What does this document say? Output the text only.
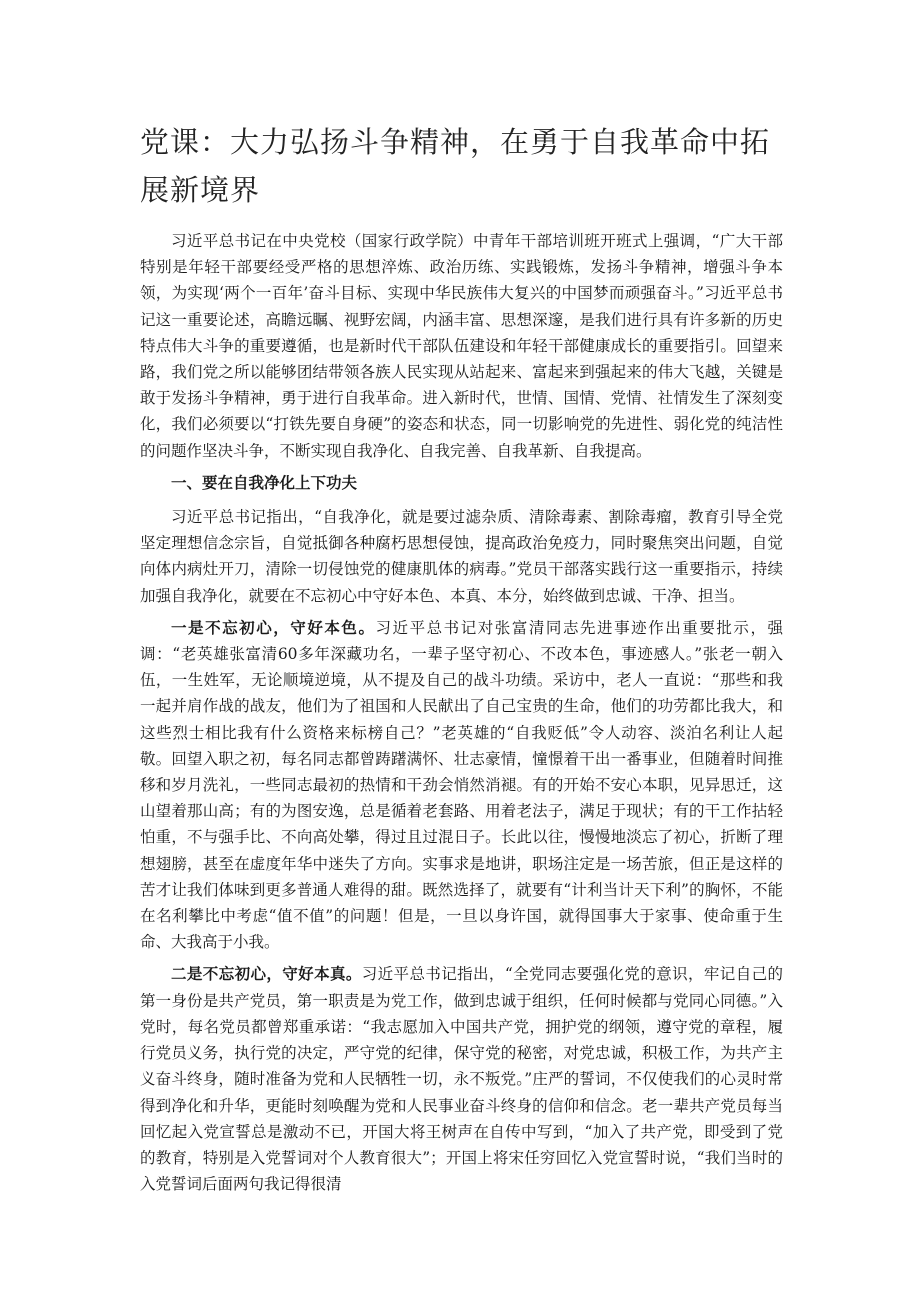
党课：大力弘扬斗争精神，在勇于自我革命中拓展新境界

习近平总书记在中央党校（国家行政学院）中青年干部培训班开班式上强调，“广大干部特别是年轻干部要经受严格的思想淬炼、政治历练、实践锻炼，发扬斗争精神，增强斗争本领，为实现‘两个一百年’奋斗目标、实现中华民族伟大复兴的中国梦而顽强奋斗。”习近平总书记这一重要论述，高瞻远瞩、视野宏阔，内涵丰富、思想深邃，是我们进行具有许多新的历史特点伟大斗争的重要遵循，也是新时代干部队伍建设和年轻干部健康成长的重要指引。回望来路，我们党之所以能够团结带领各族人民实现从站起来、富起来到强起来的伟大飞越，关键是敢于发扬斗争精神，勇于进行自我革命。进入新时代，世情、国情、党情、社情发生了深刻变化，我们必须要以“打铁先要自身硬”的姿态和状态，同一切影响党的先进性、弱化党的纯洁性的问题作坚决斗争，不断实现自我净化、自我完善、自我革新、自我提高。

一、要在自我净化上下功夫

习近平总书记指出，“自我净化，就是要过滤杂质、清除毒素、割除毒瘤，教育引导全党坚定理想信念宗旨，自觉抵御各种腐朽思想侵蚀，提高政治免疫力，同时聚焦突出问题，自觉向体内病灶开刀，清除一切侵蚀党的健康肌体的病毒。”党员干部落实践行这一重要指示，持续加强自我净化，就要在不忘初心中守好本色、本真、本分，始终做到忠诚、干净、担当。

一是不忘初心，守好本色。习近平总书记对张富清同志先进事迹作出重要批示，强调：“老英雄张富清60多年深藏功名，一辈子坚守初心、不改本色，事迹感人。”张老一朝入伍，一生姓军，无论顺境逆境，从不提及自己的战斗功绩。采访中，老人一直说：“那些和我一起并肩作战的战友，他们为了祖国和人民献出了自己宝贵的生命，他们的功劳都比我大，和这些烈士相比我有什么资格来标榜自己？”老英雄的“自我贬低”令人动容、淡泊名利让人起敬。回望入职之初，每名同志都曾踌躇满怀、壮志豪情，憧憬着干出一番事业，但随着时间推移和岁月洗礼，一些同志最初的热情和干劲会悄然消褪。有的开始不安心本职，见异思迁，这山望着那山高；有的为图安逸，总是循着老套路、用着老法子，满足于现状；有的干工作拈轻怕重，不与强手比、不向高处攀，得过且过混日子。长此以往，慢慢地淡忘了初心，折断了理想翅膀，甚至在虚度年华中迷失了方向。实事求是地讲，职场注定是一场苦旅，但正是这样的苦才让我们体味到更多普通人难得的甜。既然选择了，就要有“计利当计天下利”的胸怀，不能在名利攀比中考虑“值不值”的问题！但是，一旦以身许国，就得国事大于家事、使命重于生命、大我高于小我。

二是不忘初心，守好本真。习近平总书记指出，“全党同志要强化党的意识，牢记自己的第一身份是共产党员，第一职责是为党工作，做到忠诚于组织，任何时候都与党同心同德。”入党时，每名党员都曾郑重承诺：“我志愿加入中国共产党，拥护党的纲领，遵守党的章程，履行党员义务，执行党的决定，严守党的纪律，保守党的秘密，对党忠诚，积极工作，为共产主义奋斗终身，随时准备为党和人民牺牲一切，永不叛党。”庄严的誓词，不仅使我们的心灵时常得到净化和升华，更能时刻唤醒为党和人民事业奋斗终身的信仰和信念。老一辈共产党员每当回忆起入党宣誓总是激动不已，开国大将王树声在自传中写到，“加入了共产党，即受到了党的教育，特别是入党誓词对个人教育很大”；开国上将宋任穷回忆入党宣誓时说，“我们当时的入党誓词后面两句我记得很清
